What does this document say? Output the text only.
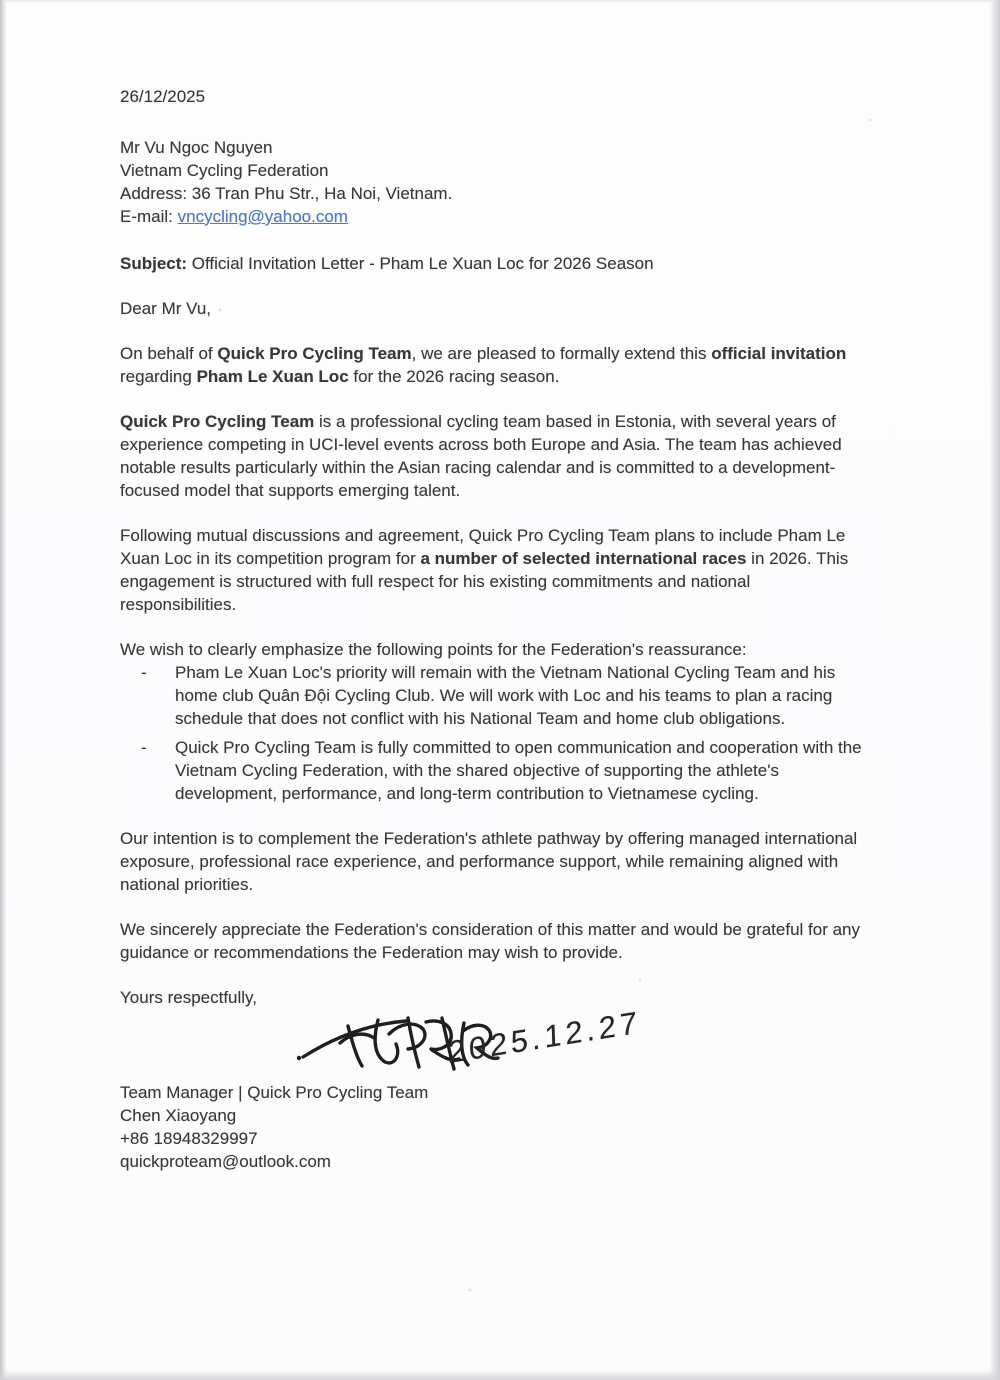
26/12/2025
Mr Vu Ngoc Nguyen
Vietnam Cycling Federation
Address: 36 Tran Phu Str., Ha Noi, Vietnam.
E-mail: vncycling@yahoo.com
Subject: Official Invitation Letter - Pham Le Xuan Loc for 2026 Season

Dear Mr Vu,

On behalf of Quick Pro Cycling Team, we are pleased to formally extend this official invitation regarding Pham Le Xuan Loc for the 2026 racing season.

Quick Pro Cycling Team is a professional cycling team based in Estonia, with several years of experience competing in UCI-level events across both Europe and Asia. The team has achieved notable results particularly within the Asian racing calendar and is committed to a development-focused model that supports emerging talent.

Following mutual discussions and agreement, Quick Pro Cycling Team plans to include Pham Le Xuan Loc in its competition program for a number of selected international races in 2026. This engagement is structured with full respect for his existing commitments and national responsibilities.

We wish to clearly emphasize the following points for the Federation's reassurance:

-	Pham Le Xuan Loc's priority will remain with the Vietnam National Cycling Team and his home club Quân Đội Cycling Club. We will work with Loc and his teams to plan a racing schedule that does not conflict with his National Team and home club obligations.
-	Quick Pro Cycling Team is fully committed to open communication and cooperation with the Vietnam Cycling Federation, with the shared objective of supporting the athlete's development, performance, and long-term contribution to Vietnamese cycling.

Our intention is to complement the Federation's athlete pathway by offering managed international exposure, professional race experience, and performance support, while remaining aligned with national priorities.

We sincerely appreciate the Federation's consideration of this matter and would be grateful for any guidance or recommendations the Federation may wish to provide.

Yours respectfully,

2025.12.27
Team Manager | Quick Pro Cycling Team
Chen Xiaoyang
+86 18948329997
quickproteam@outlook.com
